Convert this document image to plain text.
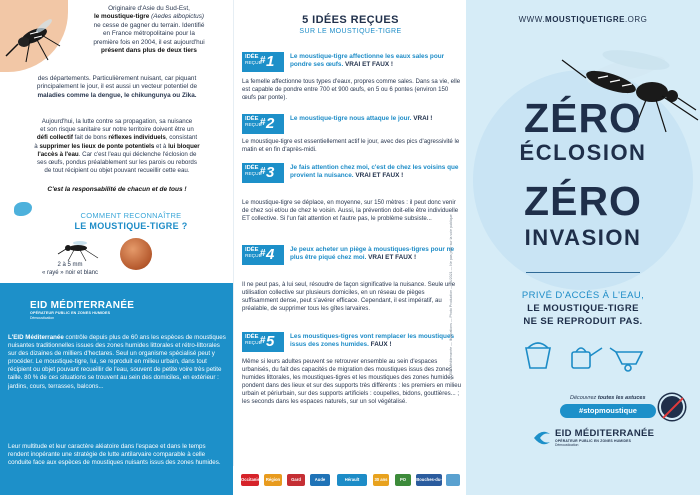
Originaire d'Asie du Sud-Est,
le moustique-tigre (Aedes albopictus)
ne cesse de gagner du terrain. Identifié
en France métropolitaine pour la
première fois en 2004, il est aujourd'hui
présent dans plus de deux tiers
des départements. Particulièrement nuisant, car piquant
principalement le jour, il est aussi un vecteur potentiel de
maladies comme la dengue, le chikungunya ou Zika.
Aujourd'hui, la lutte contre sa propagation, sa nuisance
et son risque sanitaire sur notre territoire doivent être un
défi collectif fait de bons réflexes individuels, consistant
à supprimer les lieux de ponte potentiels et à lui bloquer
l'accès à l'eau. Car c'est l'eau qui déclenche l'éclosion de
ses œufs, pondus préalablement sur les parois ou rebords
de tout récipient ou objet pouvant recueillir cette eau.
C'est la responsabilité de chacun et de tous !
COMMENT RECONNAÎTRE
LE MOUSTIQUE-TIGRE ?
2 à 5 mm
« rayé » noir et blanc
EID MÉDITERRANÉE
OPÉRATEUR PUBLIC EN ZONES HUMIDES
Démoustication
L'EID Méditerranée contrôle depuis plus de 60 ans les espèces de moustiques nuisantes traditionnelles issues des zones humides littorales et rétro-littorales sur des dizaines de milliers d'hectares. Seul un organisme spécialisé peut y procéder. Le moustique-tigre, lui, se reproduit en milieu urbain, dans tout récipient ou objet pouvant recueillir de l'eau, souvent de petite voire très petite taille. 80 % de ces situations se trouvent au sein des domiciles, en extérieur : jardins, cours, terrasses, balcons...
Leur multitude et leur caractère aléatoire dans l'espace et dans le temps rendent inopérante une stratégie de lutte antilarvaire comparable à celle conduite face aux espèces de moustiques nuisants issus des zones humides.
5 IDÉES REÇUES
SUR LE MOUSTIQUE-TIGRE
IDÉE
REÇUE
# 1 Le moustique-tigre affectionne les eaux sales pour pondre ses œufs. VRAI ET FAUX !
La femelle affectionne tous types d'eaux, propres comme sales. Dans sa vie, elle est capable de pondre entre 700 et 900 œufs, en 5 ou 6 pontes (environ 150 œufs par ponte).
IDÉE
REÇUE
# 2 Le moustique-tigre nous attaque le jour. VRAI !
Le moustique-tigre est essentiellement actif le jour, avec des pics d'agressivité le matin et en fin d'après-midi.
IDÉE
REÇUE
# 3 Je fais attention chez moi, c'est de chez les voisins que provient la nuisance. VRAI ET FAUX !
Le moustique-tigre se déplace, en moyenne, sur 150 mètres : il peut donc venir de chez soi et/ou de chez le voisin. Aussi, la prévention doit-elle être individuelle ET collective. Si l'un fait attention et l'autre pas, le problème subsiste...
IDÉE
REÇUE
# 4 Je peux acheter un piège à moustiques-tigres pour ne plus être piqué chez moi. VRAI ET FAUX !
Il ne peut pas, à lui seul, résoudre de façon significative la nuisance. Seule une utilisation collective sur plusieurs domiciles, en un réseau de pièges suffisamment dense, peut s'avérer efficace. Cependant, il est impératif, au préalable, de supprimer tous les gîtes larvaires.
IDÉE
REÇUE
# 5 Les moustiques-tigres vont remplacer les moustiques issus des zones humides. FAUX !
Même si leurs adultes peuvent se retrouver ensemble au sein d'espaces urbanisés, du fait des capacités de migration des moustiques issus des zones humides littorales, les moustiques-tigres et les moustiques des zones humides pondent dans des lieux et sur des supports très différents : les premiers en milieu urbain et périurbain, sur des supports artificiels : coupelles, bidons, gouttières... ; les seconds dans les espaces naturels, sur un sol végétalisé.
© EID Méditerranée — Illustrations — Photo Production — 04/2021 — Ne pas jeter sur la voie publique
Occitanie	Région	Gard	Aude	Hérault	30 ans	PO	Bouches-du-Rhône
WWW.MOUSTIQUETIGRE.ORG
ZÉRO
ÉCLOSION
ZÉRO
INVASION
PRIVÉ D'ACCÈS À L'EAU,
LE MOUSTIQUE-TIGRE
NE SE REPRODUIT PAS.
Découvrez toutes les astuces
#stopmoustique
EID MÉDITERRANÉE
OPÉRATEUR PUBLIC EN ZONES HUMIDES
Démoustication
